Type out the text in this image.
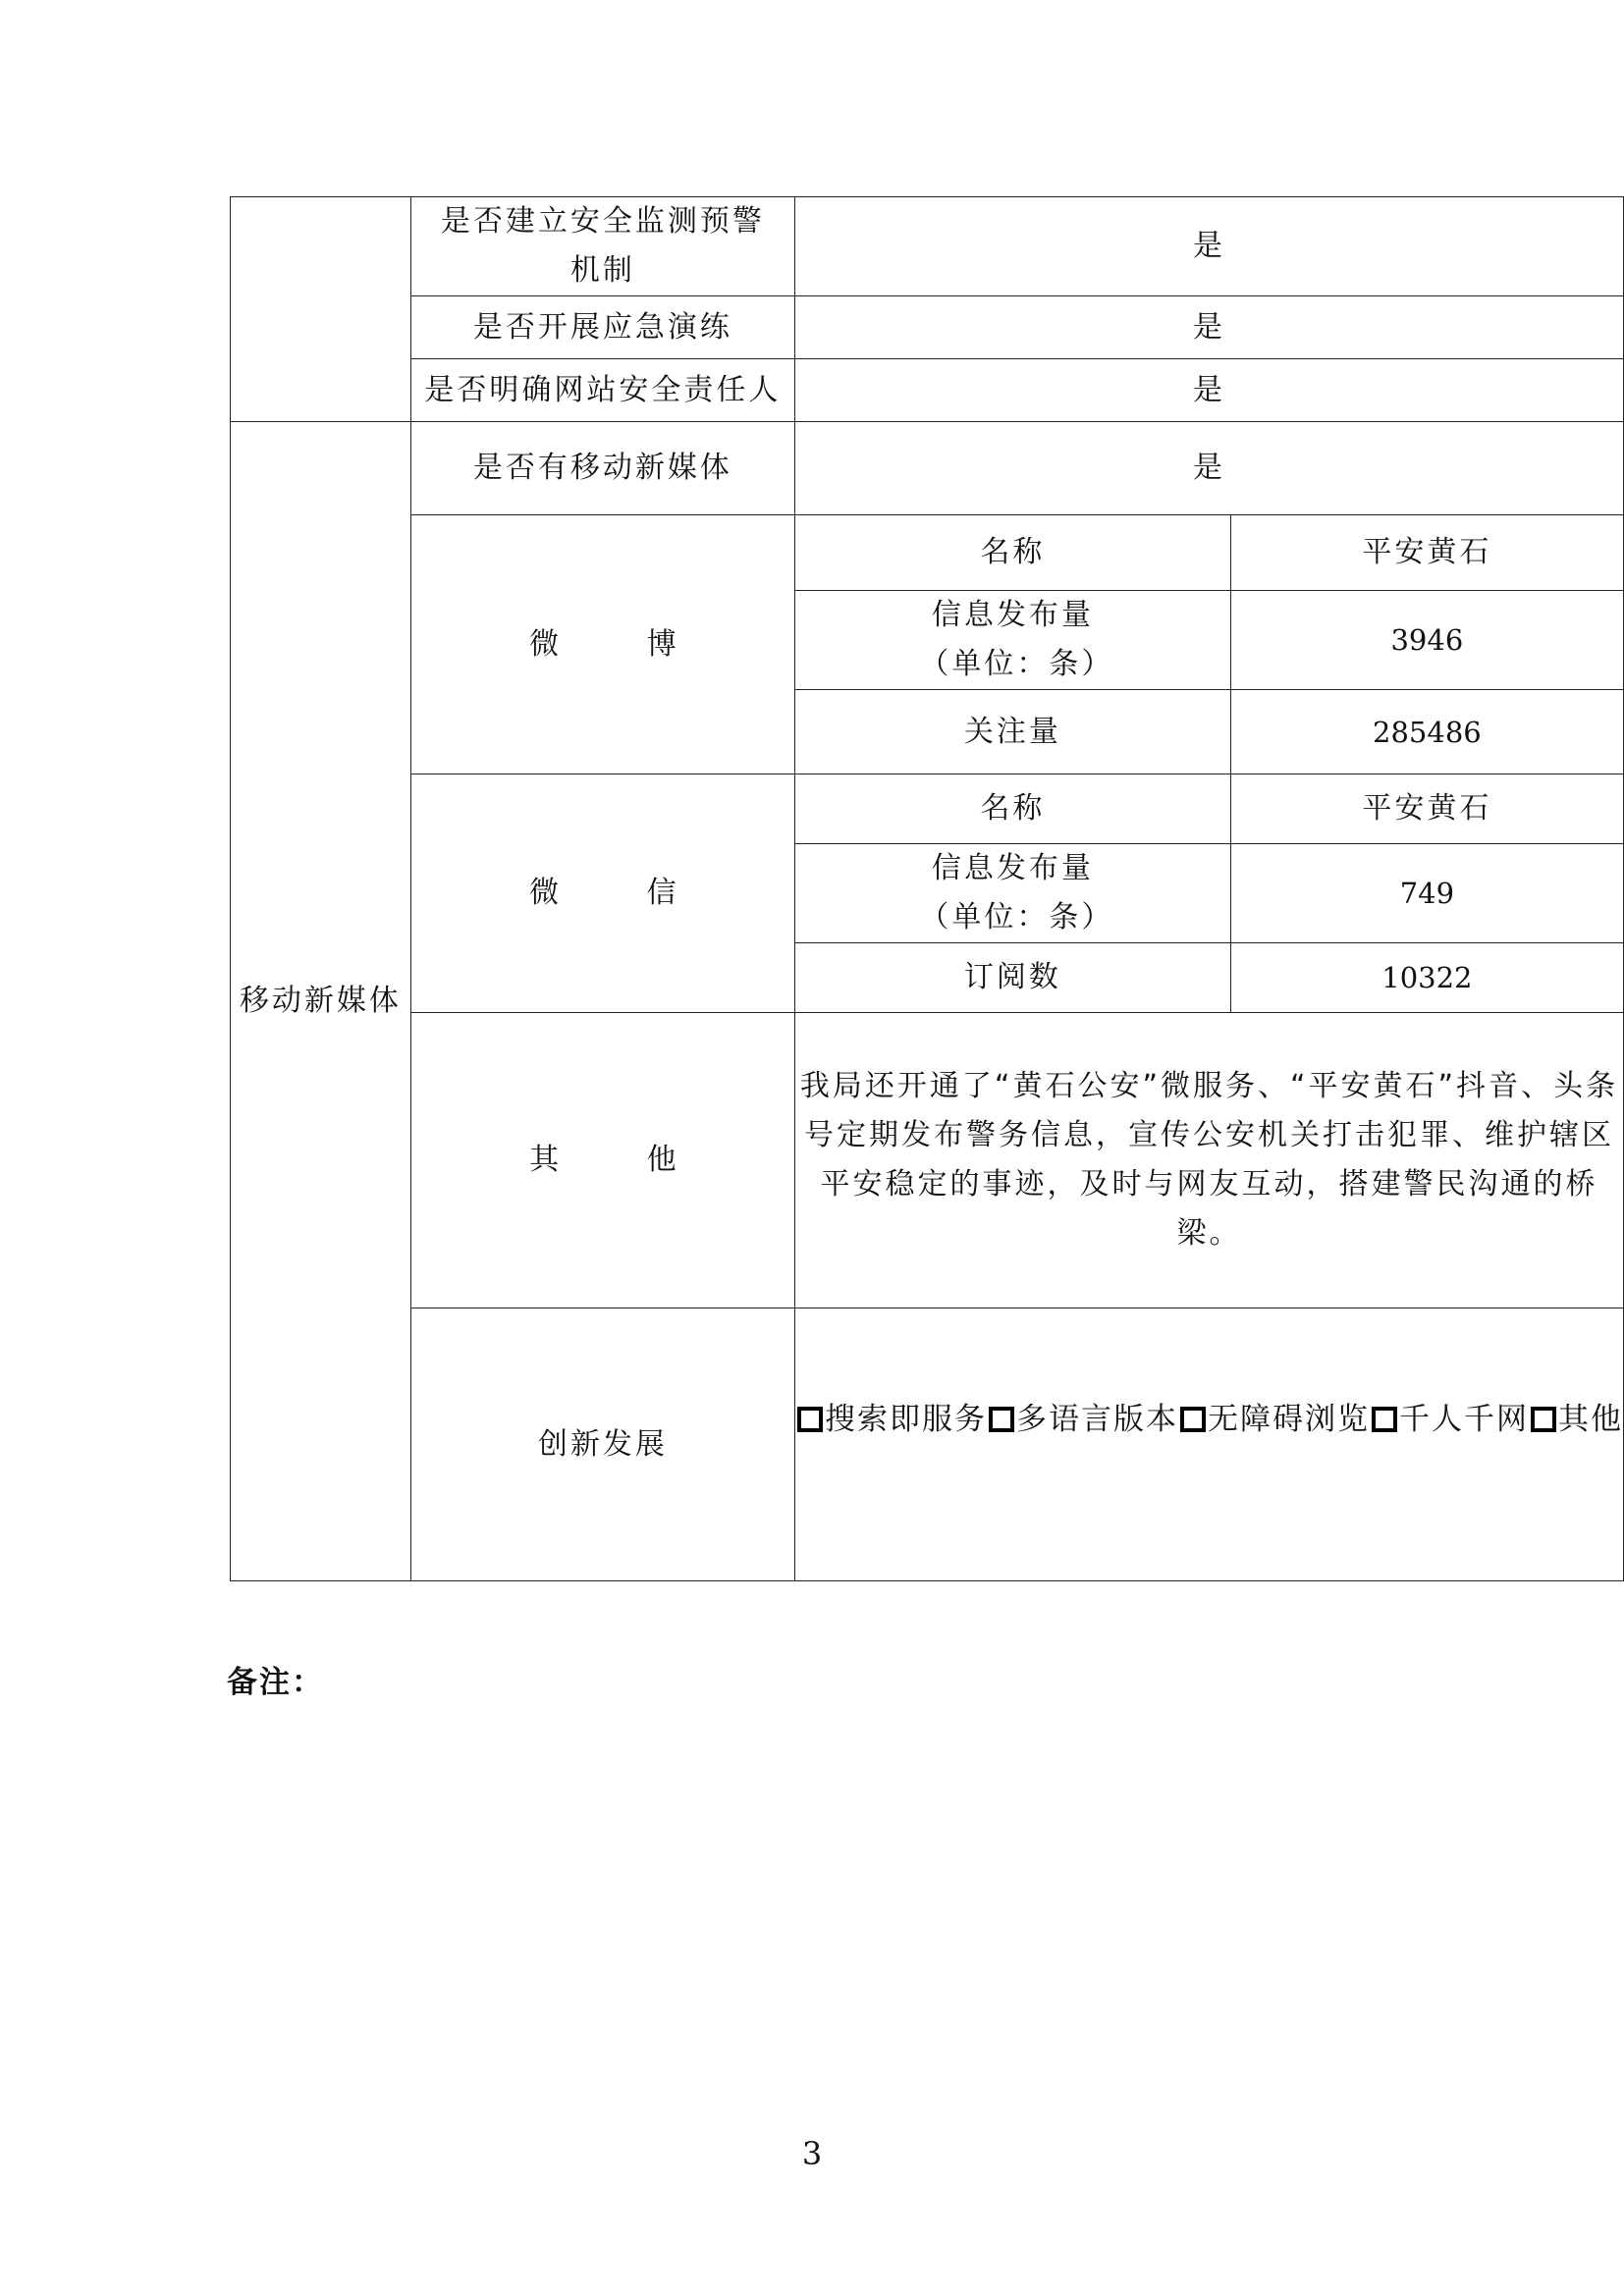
	是否建立安全监测预警机制	是	
	是否开展应急演练	是	
	是否明确网站安全责任人	是	
移动新媒体	是否有移动新媒体	是	
	微 博	名称	平安黄石

		信息发布量（单位：条）	3946
		关注量	285486
	微 信	名称	平安黄石

		信息发布量（单位：条）	749
		订阅数	10322
	其 他	我局还开通了“黄石公安”微服务、“平安黄石”抖音、头条号定期发布警务信息，宣传公安机关打击犯罪、维护辖区平安稳定的事迹，及时与网友互动，搭建警民沟通的桥梁。	
	创新发展	搜索即服务 多语言版本 无障碍浏览 千人千网 其他	
备注：
3
